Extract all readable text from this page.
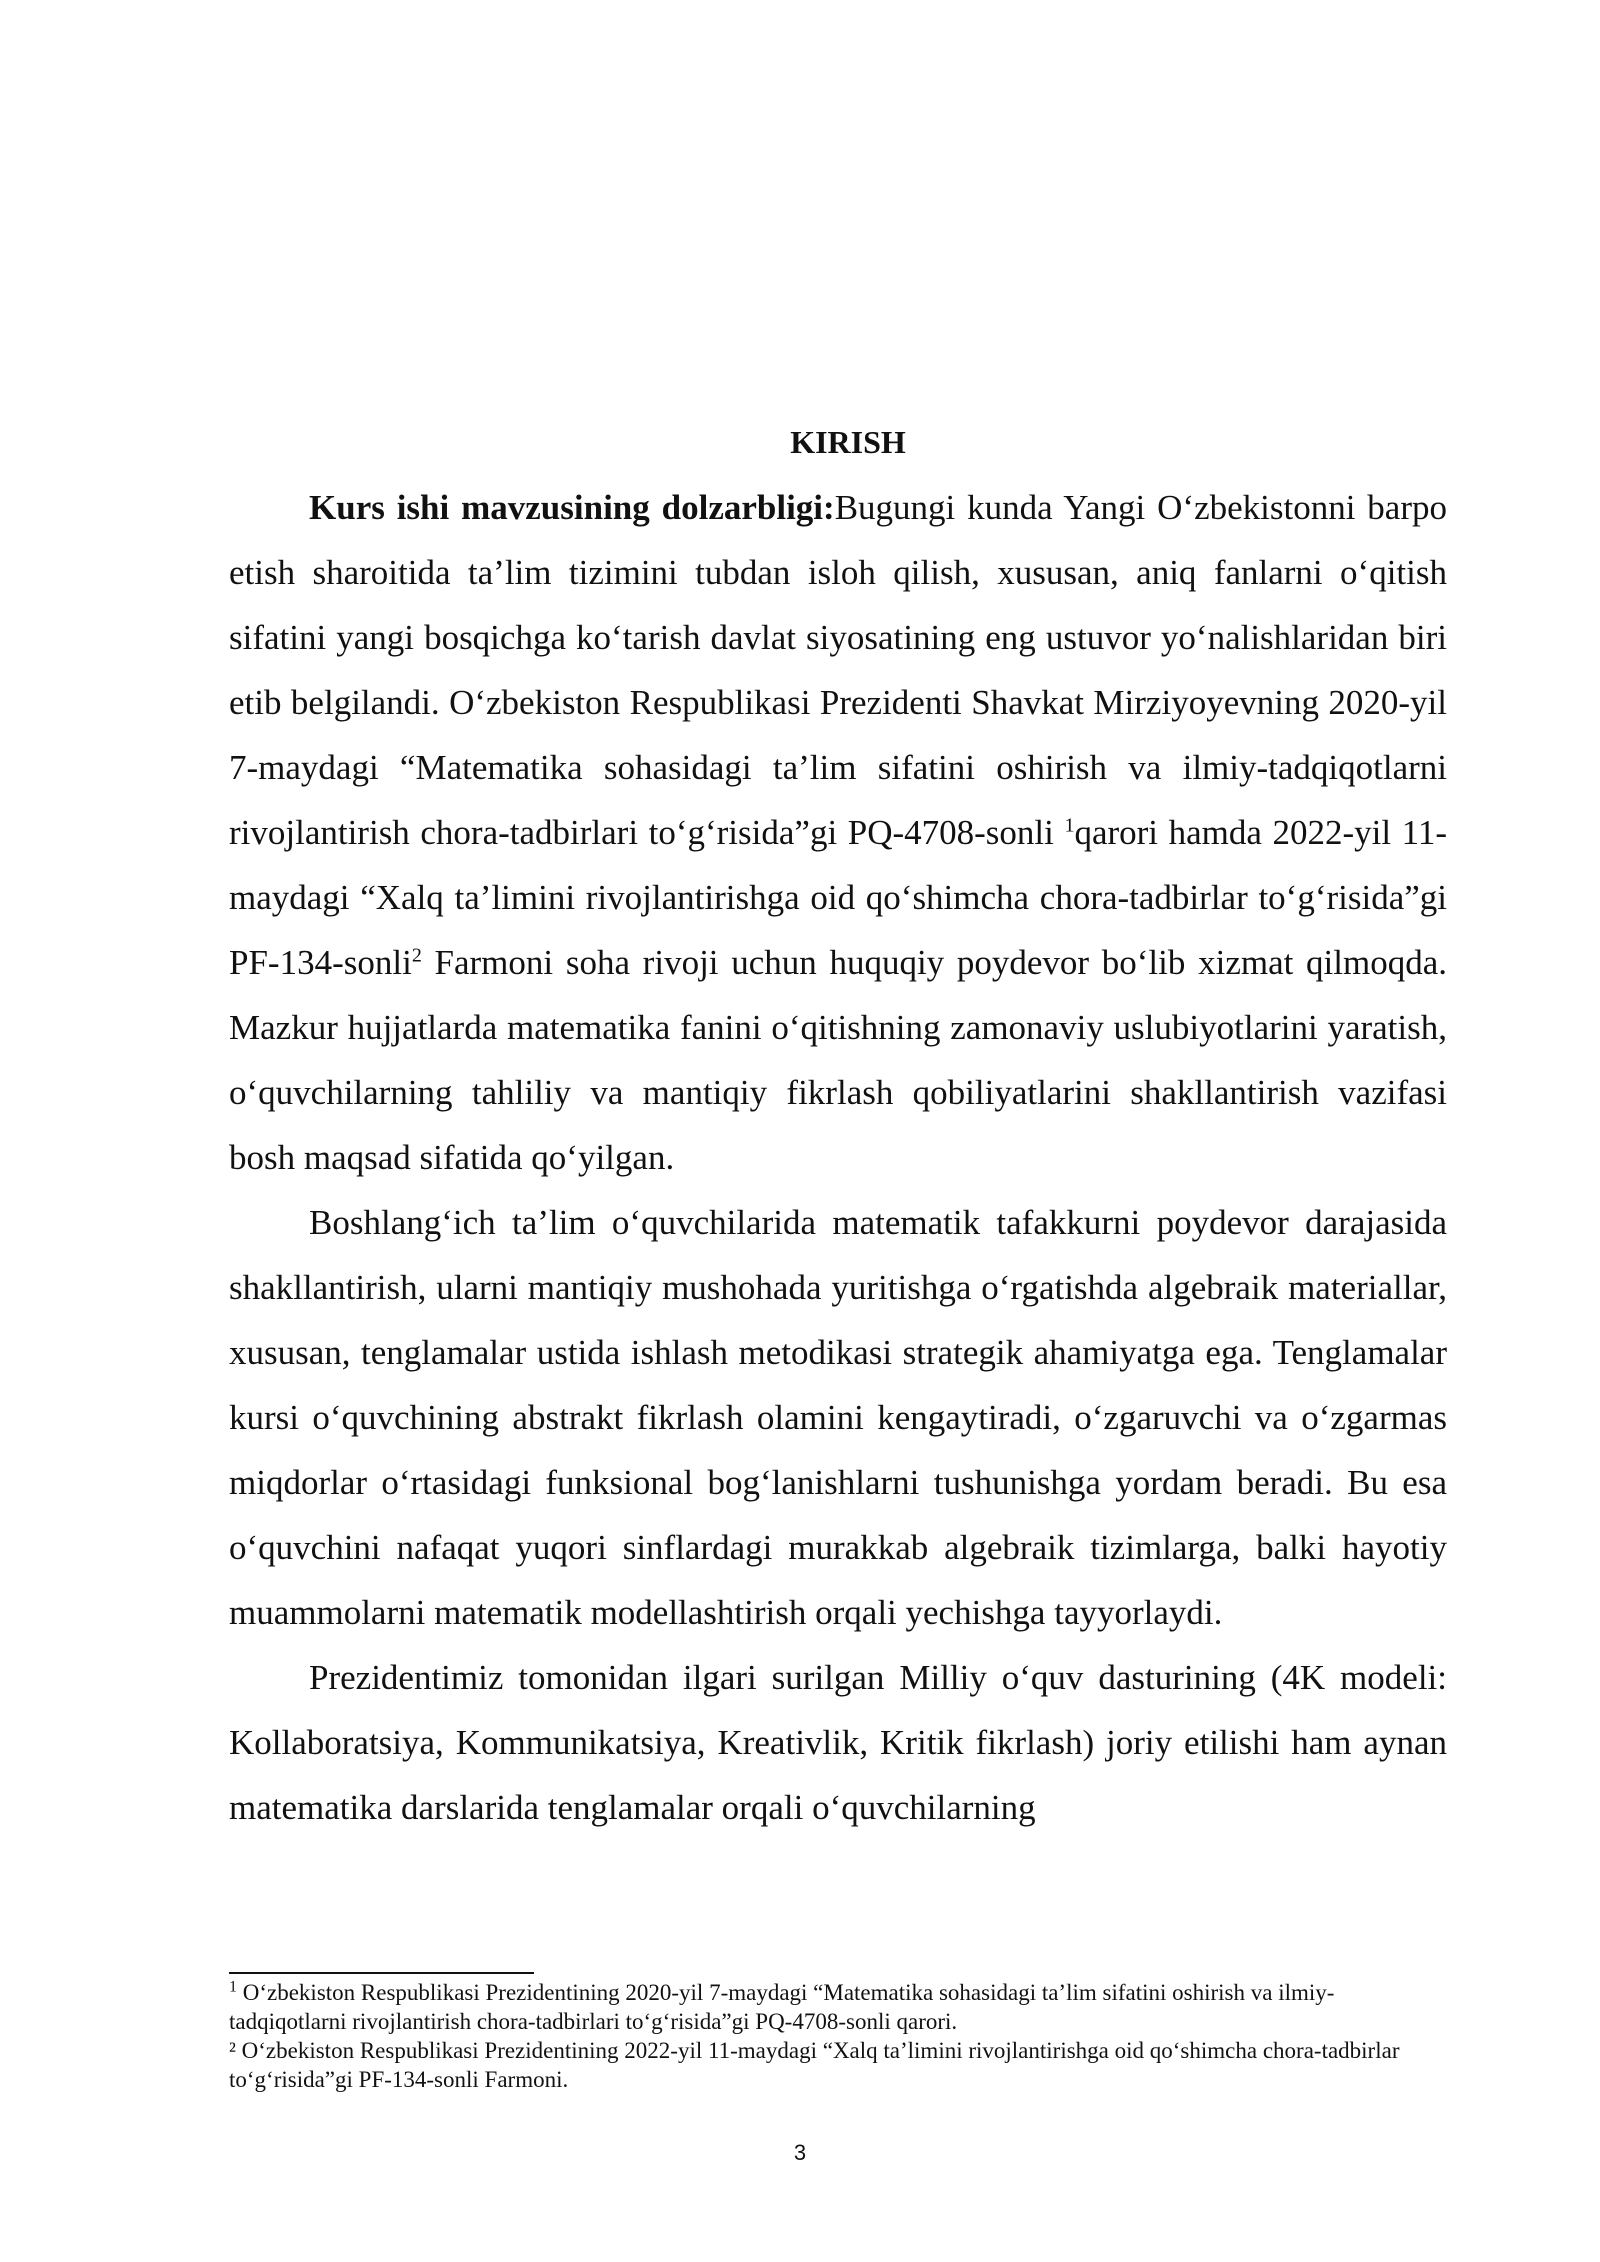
KIRISH

Kurs ishi mavzusining dolzarbligi:Bugungi kunda Yangi O‘zbekistonni barpo etish sharoitida ta’lim tizimini tubdan isloh qilish, xususan, aniq fanlarni o‘qitish sifatini yangi bosqichga ko‘tarish davlat siyosatining eng ustuvor yo‘nalishlaridan biri etib belgilandi. O‘zbekiston Respublikasi Prezidenti Shavkat Mirziyoyevning 2020-yil 7-maydagi “Matematika sohasidagi ta’lim sifatini oshirish va ilmiy-tadqiqotlarni rivojlantirish chora-tadbirlari to‘g‘risida”gi PQ-4708-sonli $^1$qarori hamda 2022-yil 11-maydagi “Xalq ta’limini rivojlantirishga oid qo‘shimcha chora-tadbirlar to‘g‘risida”gi PF-134-sonli$^2$ Farmoni soha rivoji uchun huquqiy poydevor bo‘lib xizmat qilmoqda. Mazkur hujjatlarda matematika fanini o‘qitishning zamonaviy uslubiyotlarini yaratish, o‘quvchilarning tahliliy va mantiqiy fikrlash qobiliyatlarini shakllantirish vazifasi bosh maqsad sifatida qo‘yilgan.

Boshlang‘ich ta’lim o‘quvchilarida matematik tafakkurni poydevor darajasida shakllantirish, ularni mantiqiy mushohada yuritishga o‘rgatishda algebraik materiallar, xususan, tenglamalar ustida ishlash metodikasi strategik ahamiyatga ega. Tenglamalar kursi o‘quvchining abstrakt fikrlash olamini kengaytiradi, o‘zgaruvchi va o‘zgarmas miqdorlar o‘rtasidagi funksional bog‘lanishlarni tushunishga yordam beradi. Bu esa o‘quvchini nafaqat yuqori sinflardagi murakkab algebraik tizimlarga, balki hayotiy muammolarni matematik modellashtirish orqali yechishga tayyorlaydi.

Prezidentimiz tomonidan ilgari surilgan Milliy o‘quv dasturining (4K modeli: Kollaboratsiya, Kommunikatsiya, Kreativlik, Kritik fikrlash) joriy etilishi ham aynan matematika darslarida tenglamalar orqali o‘quvchilarning

$^1$ O‘zbekiston Respublikasi Prezidentining 2020-yil 7-maydagi “Matematika sohasidagi ta’lim sifatini oshirish va ilmiy-tadqiqotlarni rivojlantirish chora-tadbirlari to‘g‘risida”gi PQ-4708-sonli qarori.

² O‘zbekiston Respublikasi Prezidentining 2022-yil 11-maydagi “Xalq ta’limini rivojlantirishga oid qo‘shimcha chora-tadbirlar to‘g‘risida”gi PF-134-sonli Farmoni.

3
